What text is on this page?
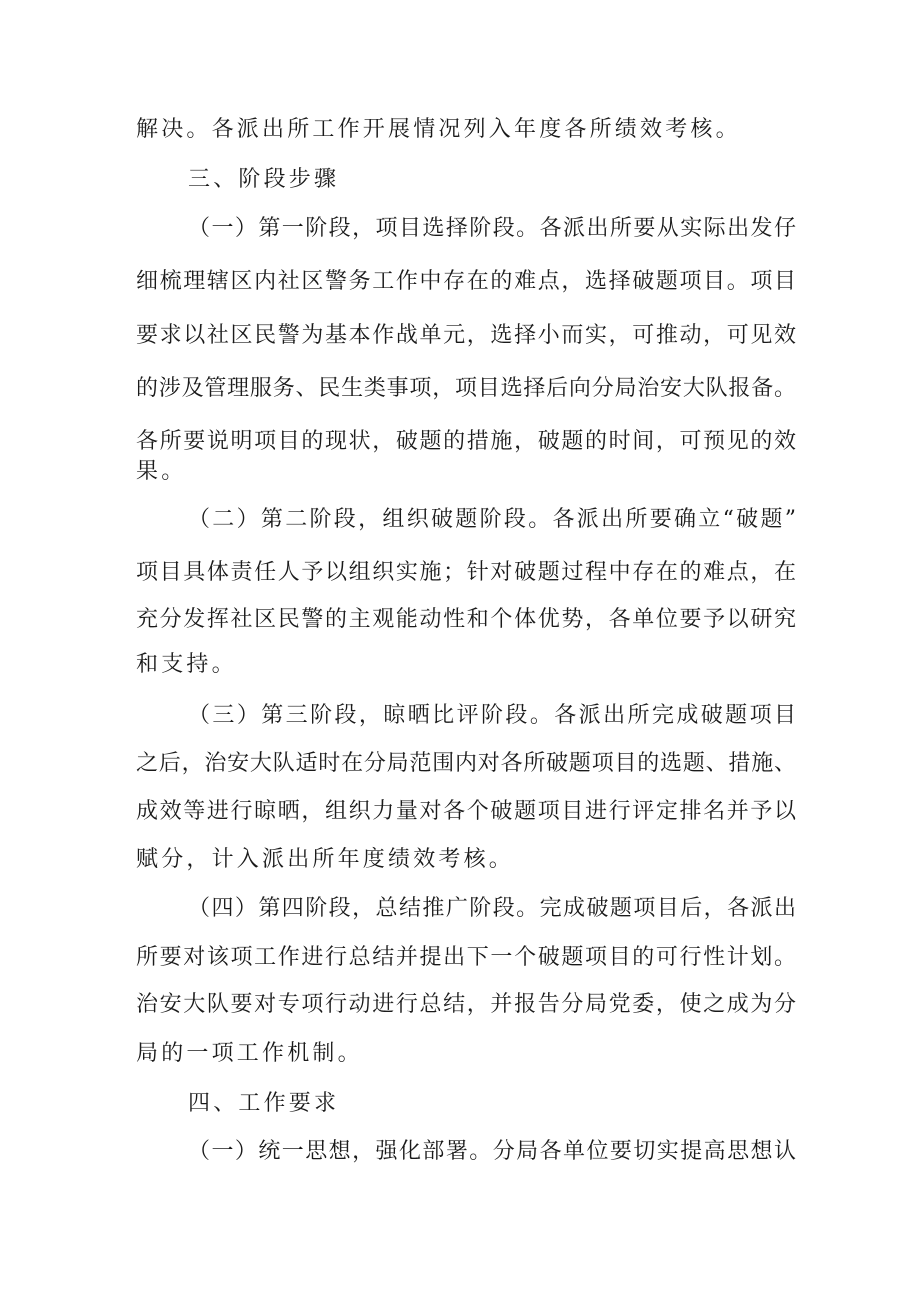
解决。各派出所工作开展情况列入年度各所绩效考核。
三、阶段步骤
（一）第一阶段，项目选择阶段。各派出所要从实际出发仔
细梳理辖区内社区警务工作中存在的难点，选择破题项目。项目
要求以社区民警为基本作战单元，选择小而实，可推动，可见效
的涉及管理服务、民生类事项，项目选择后向分局治安大队报备。
各所要说明项目的现状，破题的措施，破题的时间，可预见的效
果。
（二）第二阶段，组织破题阶段。各派出所要确立“破题”
项目具体责任人予以组织实施；针对破题过程中存在的难点，在
充分发挥社区民警的主观能动性和个体优势，各单位要予以研究
和支持。
（三）第三阶段，晾晒比评阶段。各派出所完成破题项目
之后，治安大队适时在分局范围内对各所破题项目的选题、措施、
成效等进行晾晒，组织力量对各个破题项目进行评定排名并予以
赋分，计入派出所年度绩效考核。
（四）第四阶段，总结推广阶段。完成破题项目后，各派出
所要对该项工作进行总结并提出下一个破题项目的可行性计划。
治安大队要对专项行动进行总结，并报告分局党委，使之成为分
局的一项工作机制。
四、工作要求
（一）统一思想，强化部署。分局各单位要切实提高思想认
